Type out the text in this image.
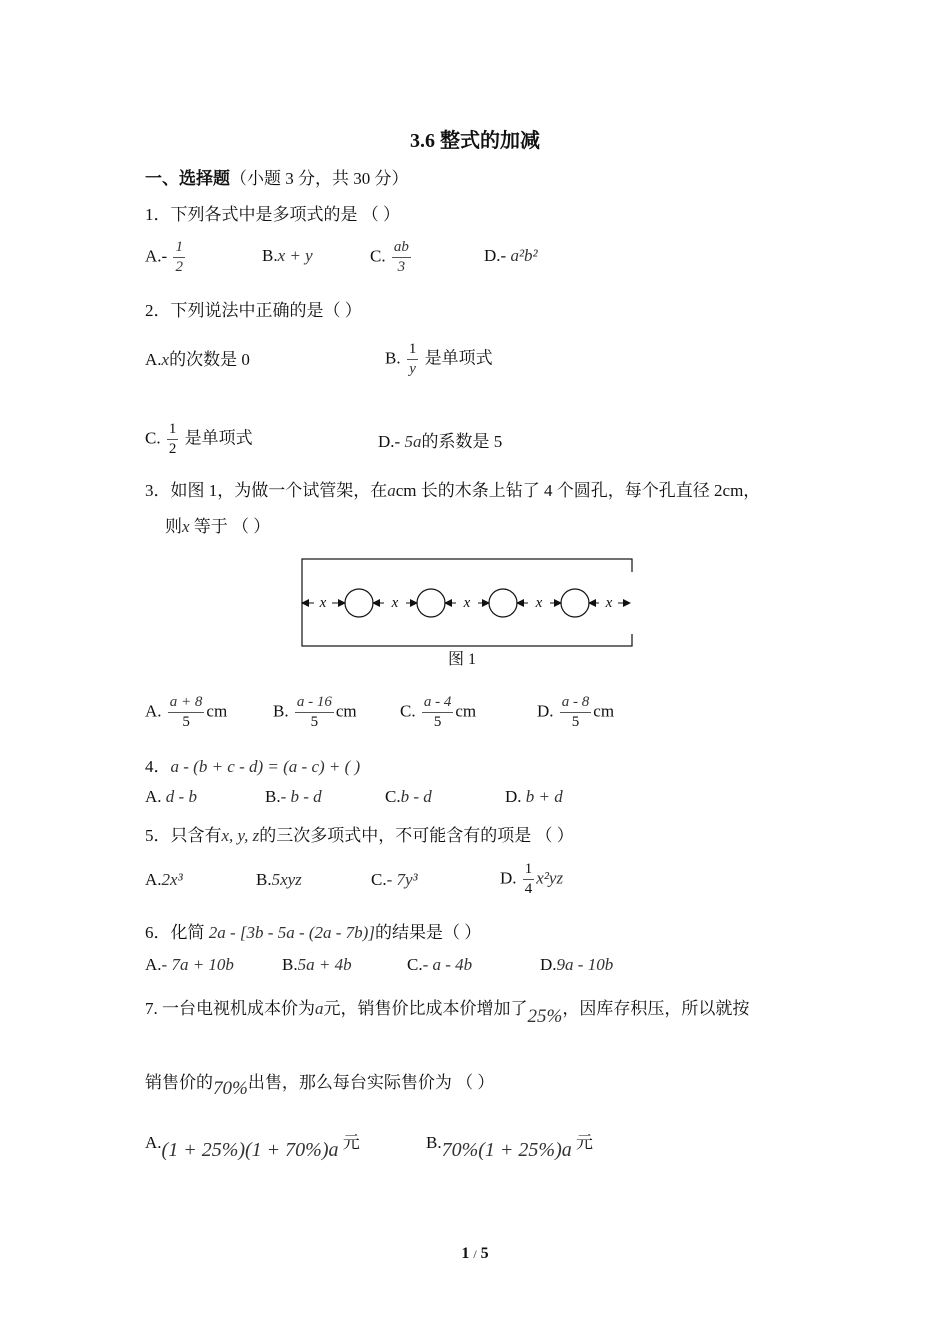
3.6 整式的加减
一、选择题（小题 3 分，共 30 分）
1．下列各式中是多项式的是 （ ）
$A.- \frac{1}{2}$	B.x + y	C. $\frac{ab}{3}$	D.- a²b²
2．下列说法中正确的是（ ）
A.x的次数是 0	B. $\frac{1}{y}$ 是单项式
C. $\frac{1}{2}$ 是单项式	D.- 5a的系数是 5
3．如图 1，为做一个试管架，在acm 长的木条上钻了 4 个圆孔，每个孔直径 2cm，
则x 等于 （ ）
x	x	x	x	x
图 1
A. $\frac{a + 8}{5}$ cm	B. $\frac{a - 16}{5}$ cm	C. $\frac{a - 4}{5}$ cm	D. $\frac{a - 8}{5}$ cm
4．a - (b + c - d) = (a - c) + ( )
A. d - b	B.- b - d	C.b - d	D. b + d
5．只含有x, y, z的三次多项式中，不可能含有的项是 （ ）
A.2x³	B.5xyz	C.- 7y³	D. $\frac{1}{4} x^2yz$
6．化简 2a - [3b - 5a - (2a - 7b)]的结果是（ ）
A.- 7a + 10b	B.5a + 4b	C.- a - 4b	D.9a - 10b
7. 一台电视机成本价为a元，销售价比成本价增加了25%，因库存积压，所以就按
销售价的70%出售，那么每台实际售价为 （ ）
A.(1 + 25%)(1 + 70%)a 元	B.70%(1 + 25%)a 元
1 / 5
